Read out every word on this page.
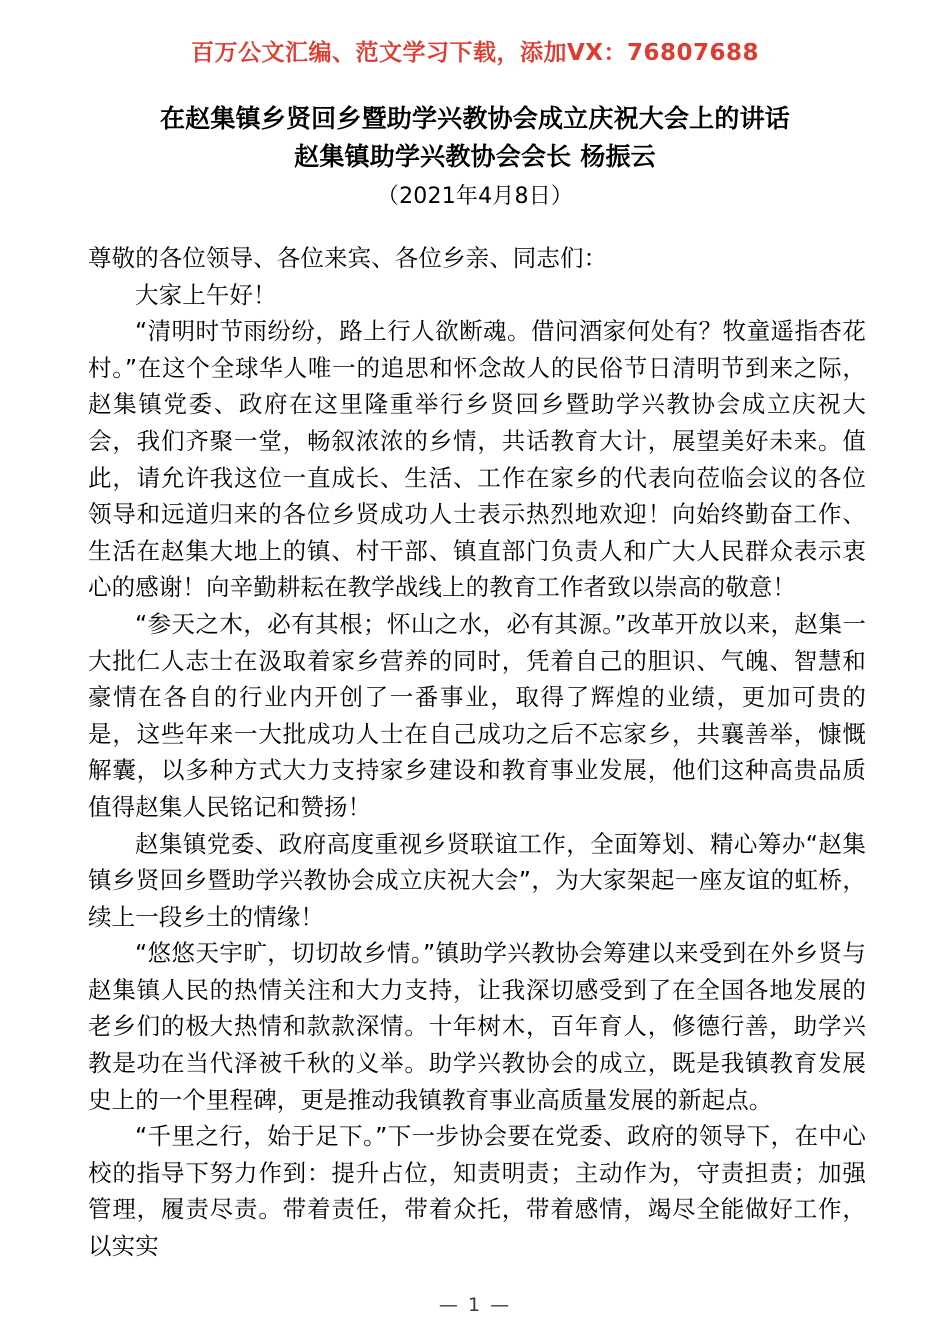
百万公文汇编、范文学习下载，添加VX：76807688
在赵集镇乡贤回乡暨助学兴教协会成立庆祝大会上的讲话
赵集镇助学兴教协会会长 杨振云
（2021年4月8日）

尊敬的各位领导、各位来宾、各位乡亲、同志们：

大家上午好！

“清明时节雨纷纷，路上行人欲断魂。借问酒家何处有？牧童遥指杏花村。”在这个全球华人唯一的追思和怀念故人的民俗节日清明节到来之际，赵集镇党委、政府在这里隆重举行乡贤回乡暨助学兴教协会成立庆祝大会，我们齐聚一堂，畅叙浓浓的乡情，共话教育大计，展望美好未来。值此，请允许我这位一直成长、生活、工作在家乡的代表向莅临会议的各位领导和远道归来的各位乡贤成功人士表示热烈地欢迎！向始终勤奋工作、生活在赵集大地上的镇、村干部、镇直部门负责人和广大人民群众表示衷心的感谢！向辛勤耕耘在教学战线上的教育工作者致以崇高的敬意！

“参天之木，必有其根；怀山之水，必有其源。”改革开放以来，赵集一大批仁人志士在汲取着家乡营养的同时，凭着自己的胆识、气魄、智慧和豪情在各自的行业内开创了一番事业，取得了辉煌的业绩，更加可贵的是，这些年来一大批成功人士在自己成功之后不忘家乡，共襄善举，慷慨解囊，以多种方式大力支持家乡建设和教育事业发展，他们这种高贵品质值得赵集人民铭记和赞扬！

赵集镇党委、政府高度重视乡贤联谊工作，全面筹划、精心筹办“赵集镇乡贤回乡暨助学兴教协会成立庆祝大会”，为大家架起一座友谊的虹桥，续上一段乡土的情缘！

“悠悠天宇旷，切切故乡情。”镇助学兴教协会筹建以来受到在外乡贤与赵集镇人民的热情关注和大力支持，让我深切感受到了在全国各地发展的老乡们的极大热情和款款深情。十年树木，百年育人，修德行善，助学兴教是功在当代泽被千秋的义举。助学兴教协会的成立，既是我镇教育发展史上的一个里程碑，更是推动我镇教育事业高质量发展的新起点。

“千里之行，始于足下。”下一步协会要在党委、政府的领导下，在中心校的指导下努力作到：提升占位，知责明责；主动作为，守责担责；加强管理，履责尽责。带着责任，带着众托，带着感情，竭尽全能做好工作，以实实

— 1 —
